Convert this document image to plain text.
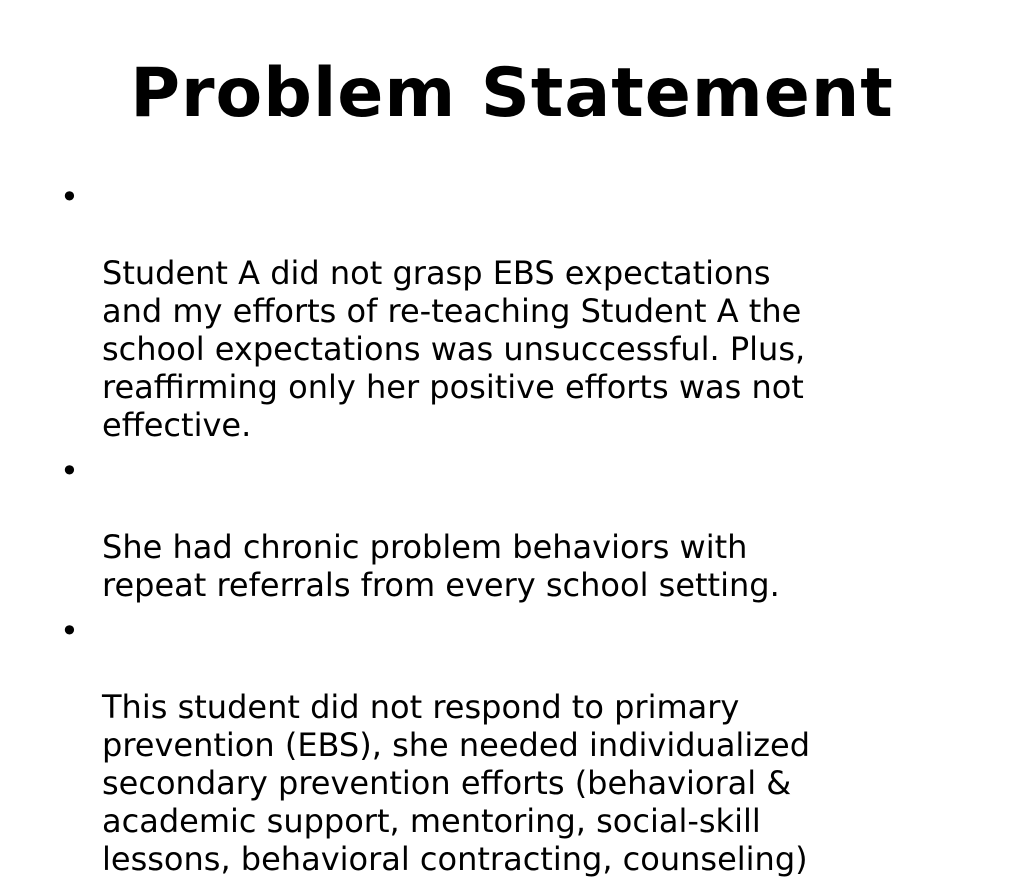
Problem Statement

•

Student A did not grasp EBS expectations
and my efforts of re-teaching Student A the
school expectations was unsuccessful. Plus,
reaffirming only her positive efforts was not
effective.

•

She had chronic problem behaviors with
repeat referrals from every school setting.

•

This student did not respond to primary
prevention (EBS), she needed individualized
secondary prevention efforts (behavioral &
academic support, mentoring, social-skill
lessons, behavioral contracting, counseling)
